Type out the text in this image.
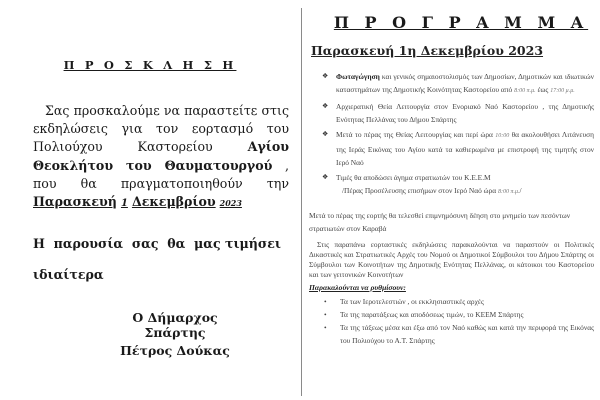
Π Ρ Ο Σ Κ Λ Η Σ Η
Σας προσκαλούμε να παραστείτε στις εκδηλώσεις για τον εορτασμό του Πολιούχου Καστορείου Αγίου Θεοκλήτου του Θαυματουργού , που θα πραγματοποιηθούν την Παρασκευή 1 Δεκεμβρίου 2023
Η παρουσία σας θα μας τιμήσει
ιδιαίτερα
Ο Δήμαρχος Σπάρτης
Πέτρος Δούκας
Π Ρ Ο Γ Ρ Α Μ Μ Α
Παρασκευή 1η Δεκεμβρίου 2023
❖ Φωταγώγηση και γενικός σημαιοστολισμός των Δημοσίων, Δημοτικών και ιδιωτικών καταστημάτων της Δημοτικής Κοινότητας Καστορείου από 8:00 π.μ. έως 17:00 μ.μ.
❖ Αρχιερατική Θεία Λειτουργία στον Ενοριακό Ναό Καστορείου , της Δημοτικής Ενότητας Πελλάνας του Δήμου Σπάρτης
❖ Μετά το πέρας της Θείας Λειτουργίας και περί ώρα 10:00 θα ακολουθήσει Λιτάνευση της Ιεράς Εικόνας του Αγίου κατά τα καθιερωμένα με επιστροφή της τιμητής στον Ιερό Ναό
❖ Τιμές θα αποδώσει άγημα στρατιωτών του Κ.Ε.Ε.Μ
/Πέρας Προσέλευσης επισήμων στον Ιερό Ναό ώρα 8:00 π.μ./
Μετά το πέρας της εορτής θα τελεσθεί επιμνημόσυνη δέηση στο μνημείο των πεσόντων στρατιωτών στον Καραβά
Στις παραπάνω εορταστικές εκδηλώσεις παρακαλούνται να παραστούν οι Πολιτικές Δικαστικές και Στρατιωτικές Αρχές του Νομού οι Δημοτικοί Σύμβουλοι του Δήμου Σπάρτης οι Σύμβουλοι των Κοινοτήτων της Δημοτικής Ενότητας Πελλάνας, οι κάτοικοι του Καστορείου και των γειτονικών Κοινοτήτων
Παρακαλούνται να ρυθμίσουν:
• Τα των Ιεροτελεστιών , οι εκκλησιαστικές αρχές
• Τα της παρατάξεως και αποδόσεως τιμών, το ΚΕΕΜ Σπάρτης
• Τα της τάξεως μέσα και έξω από τον Ναό καθώς και κατά την περιφορά της Εικόνας του Πολιούχου το Α.Τ. Σπάρτης
